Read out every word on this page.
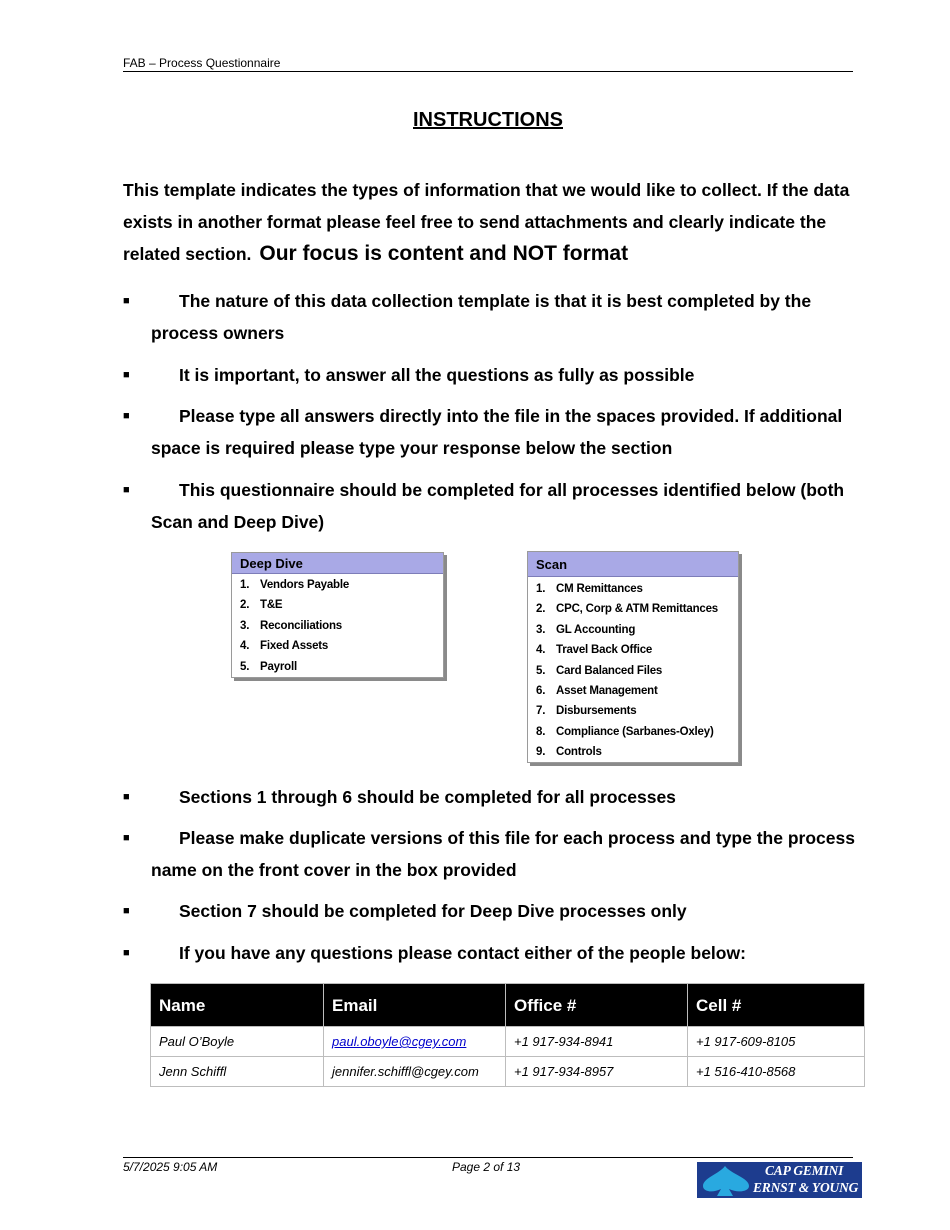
FAB – Process Questionnaire
INSTRUCTIONS
This template indicates the types of information that we would like to collect. If the data exists in another format please feel free to send attachments and clearly indicate the related section. Our focus is content and NOT format
■	The nature of this data collection template is that it is best completed by the process owners
■	It is important, to answer all the questions as fully as possible
■	Please type all answers directly into the file in the spaces provided. If additional space is required please type your response below the section
■	This questionnaire should be completed for all processes identified below (both Scan and Deep Dive)
Deep Dive
1. Vendors Payable
2. T&E
3. Reconciliations
4. Fixed Assets
5. Payroll
Scan
1. CM Remittances
2. CPC, Corp & ATM Remittances
3. GL Accounting
4. Travel Back Office
5. Card Balanced Files
6. Asset Management
7. Disbursements
8. Compliance (Sarbanes-Oxley)
9. Controls
■	Sections 1 through 6 should be completed for all processes
■	Please make duplicate versions of this file for each process and type the process name on the front cover in the box provided
■	Section 7 should be completed for Deep Dive processes only
■	If you have any questions please contact either of the people below:
Name	Email	Office #	Cell #
Paul O’Boyle	paul.oboyle@cgey.com	+1 917-934-8941	+1 917-609-8105
Jenn Schiffl	jennifer.schiffl@cgey.com	+1 917-934-8957	+1 516-410-8568
5/7/2025 9:05 AM	Page 2 of 13	CAP GEMINI
ERNST & YOUNG
